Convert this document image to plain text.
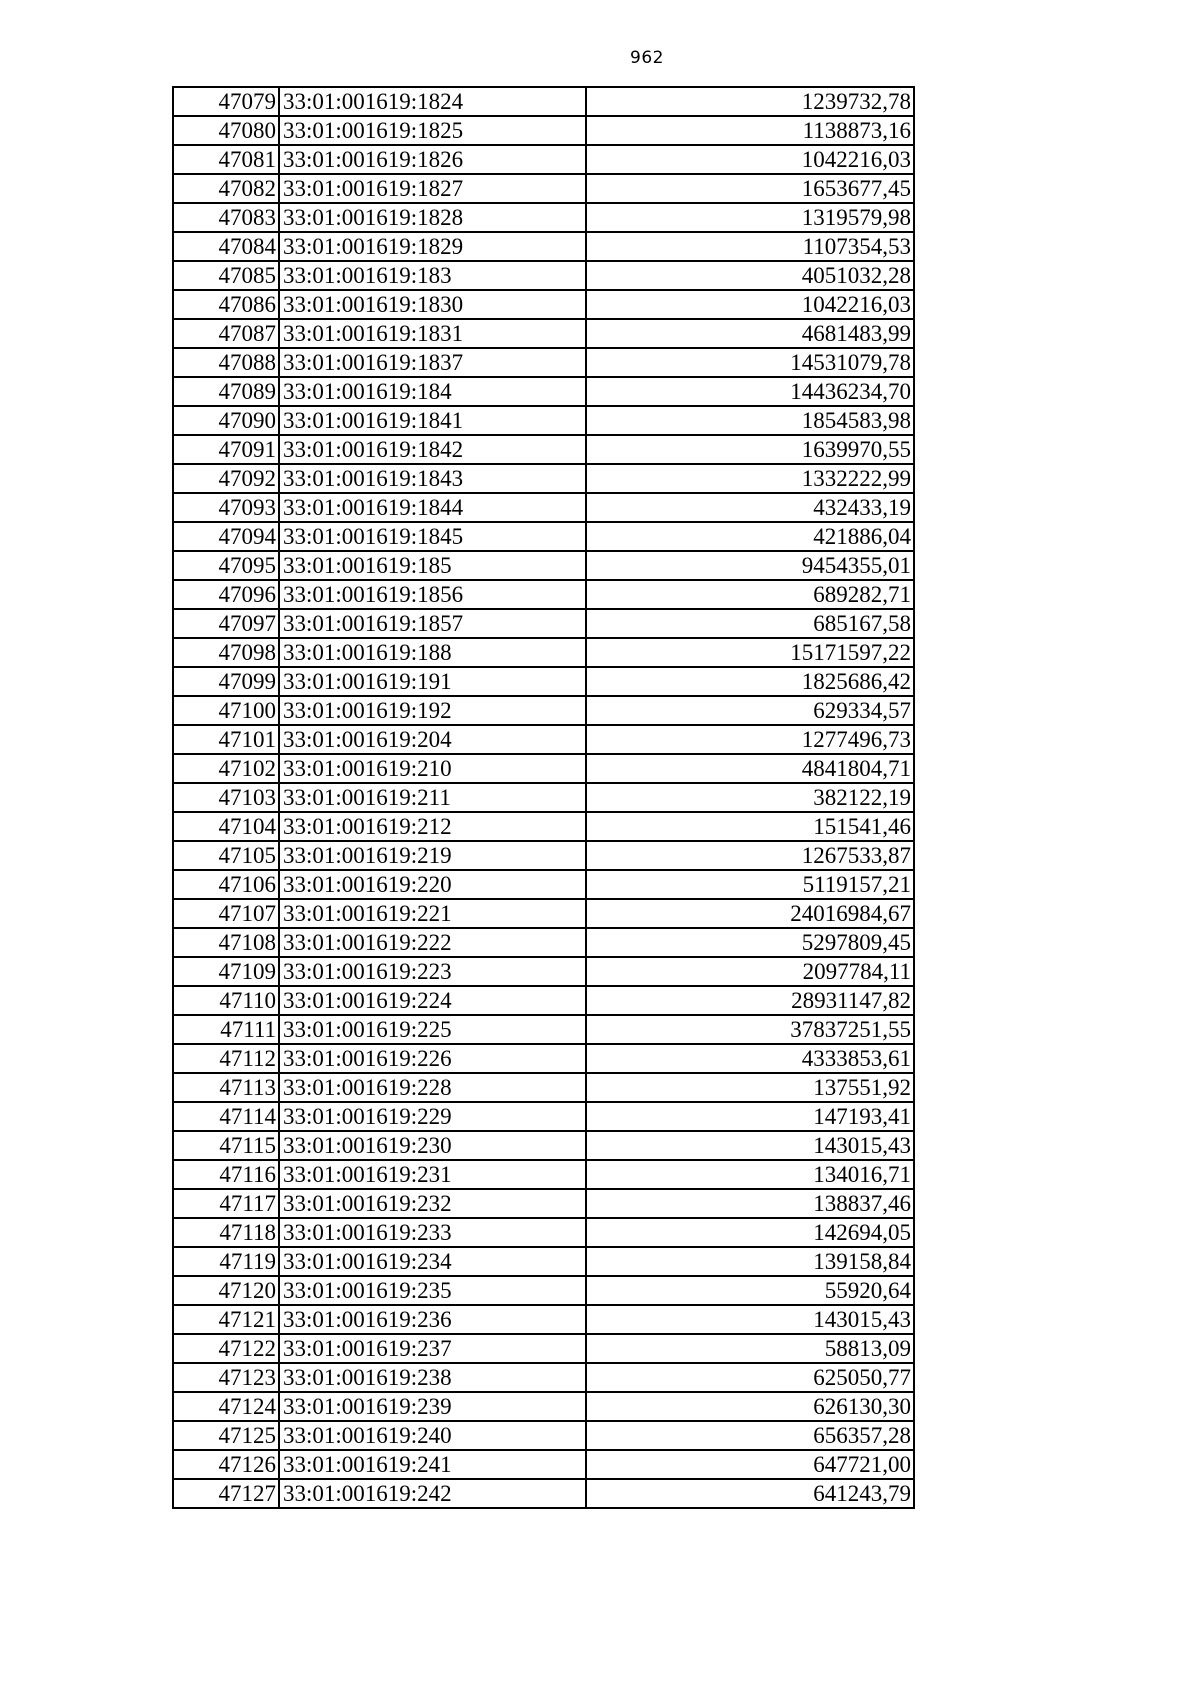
962
47079	33:01:001619:1824	1239732,78
47080	33:01:001619:1825	1138873,16
47081	33:01:001619:1826	1042216,03
47082	33:01:001619:1827	1653677,45
47083	33:01:001619:1828	1319579,98
47084	33:01:001619:1829	1107354,53
47085	33:01:001619:183	4051032,28
47086	33:01:001619:1830	1042216,03
47087	33:01:001619:1831	4681483,99
47088	33:01:001619:1837	14531079,78
47089	33:01:001619:184	14436234,70
47090	33:01:001619:1841	1854583,98
47091	33:01:001619:1842	1639970,55
47092	33:01:001619:1843	1332222,99
47093	33:01:001619:1844	432433,19
47094	33:01:001619:1845	421886,04
47095	33:01:001619:185	9454355,01
47096	33:01:001619:1856	689282,71
47097	33:01:001619:1857	685167,58
47098	33:01:001619:188	15171597,22
47099	33:01:001619:191	1825686,42
47100	33:01:001619:192	629334,57
47101	33:01:001619:204	1277496,73
47102	33:01:001619:210	4841804,71
47103	33:01:001619:211	382122,19
47104	33:01:001619:212	151541,46
47105	33:01:001619:219	1267533,87
47106	33:01:001619:220	5119157,21
47107	33:01:001619:221	24016984,67
47108	33:01:001619:222	5297809,45
47109	33:01:001619:223	2097784,11
47110	33:01:001619:224	28931147,82
47111	33:01:001619:225	37837251,55
47112	33:01:001619:226	4333853,61
47113	33:01:001619:228	137551,92
47114	33:01:001619:229	147193,41
47115	33:01:001619:230	143015,43
47116	33:01:001619:231	134016,71
47117	33:01:001619:232	138837,46
47118	33:01:001619:233	142694,05
47119	33:01:001619:234	139158,84
47120	33:01:001619:235	55920,64
47121	33:01:001619:236	143015,43
47122	33:01:001619:237	58813,09
47123	33:01:001619:238	625050,77
47124	33:01:001619:239	626130,30
47125	33:01:001619:240	656357,28
47126	33:01:001619:241	647721,00
47127	33:01:001619:242	641243,79
